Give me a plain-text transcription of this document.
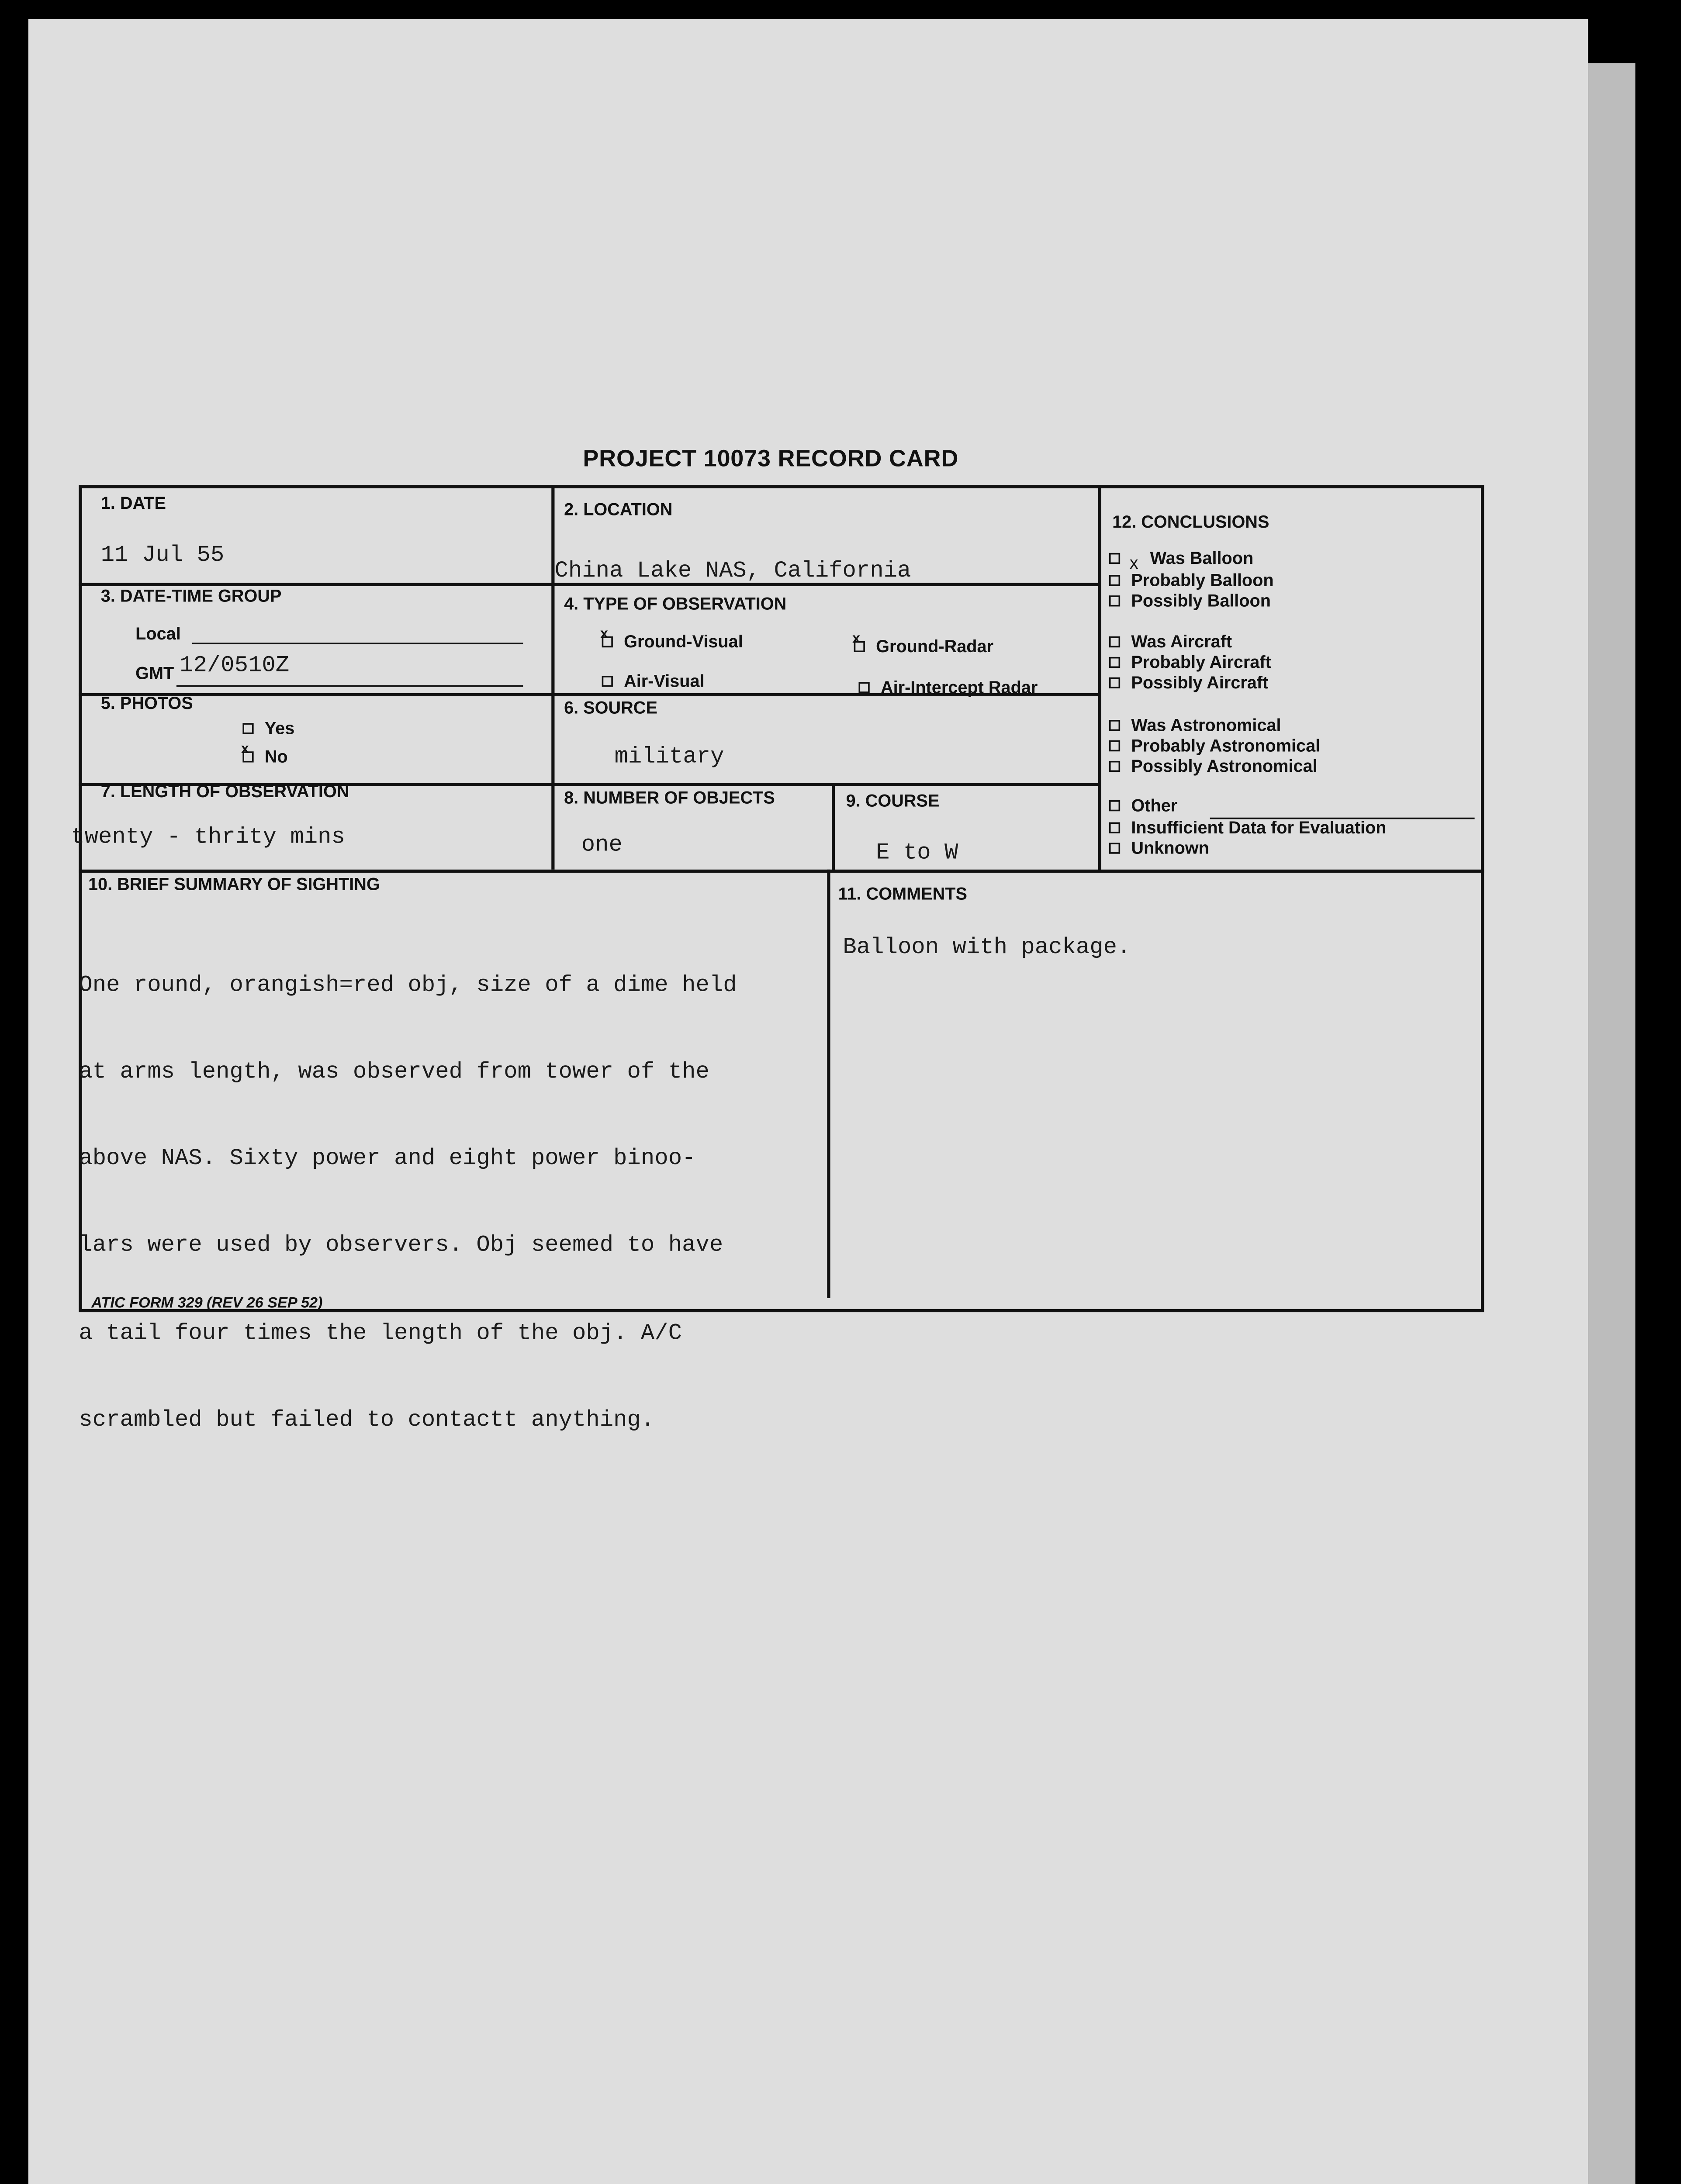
PROJECT 10073 RECORD CARD
1. DATE
11 Jul 55
2. LOCATION
China Lake NAS, California
3. DATE-TIME GROUP
Local
GMT 12/0510Z
4. TYPE OF OBSERVATION
x	Ground-Visual	x	Ground-Radar
Air-Visual	Air-Intercept Radar
5. PHOTOS
Yes
x	No
6. SOURCE
military
7. LENGTH OF OBSERVATION
twenty - thrity mins
8. NUMBER OF OBJECTS
one
9. COURSE
E to W
10. BRIEF SUMMARY OF SIGHTING

One round, orangish=red obj, size of a dime held

at arms length, was observed from tower of the

above NAS. Sixty power and eight power binoo-

lars were used by observers. Obj seemed to have

a tail four times the length of the obj. A/C

scrambled but failed to contactt anything.

11. COMMENTS
Balloon with package.
12. CONCLUSIONS
x	Was Balloon
Probably Balloon
Possibly Balloon
Was Aircraft
Probably Aircraft
Possibly Aircraft
Was Astronomical
Probably Astronomical
Possibly Astronomical
Other
Insufficient Data for Evaluation
Unknown
ATIC FORM 329 (REV 26 SEP 52)
